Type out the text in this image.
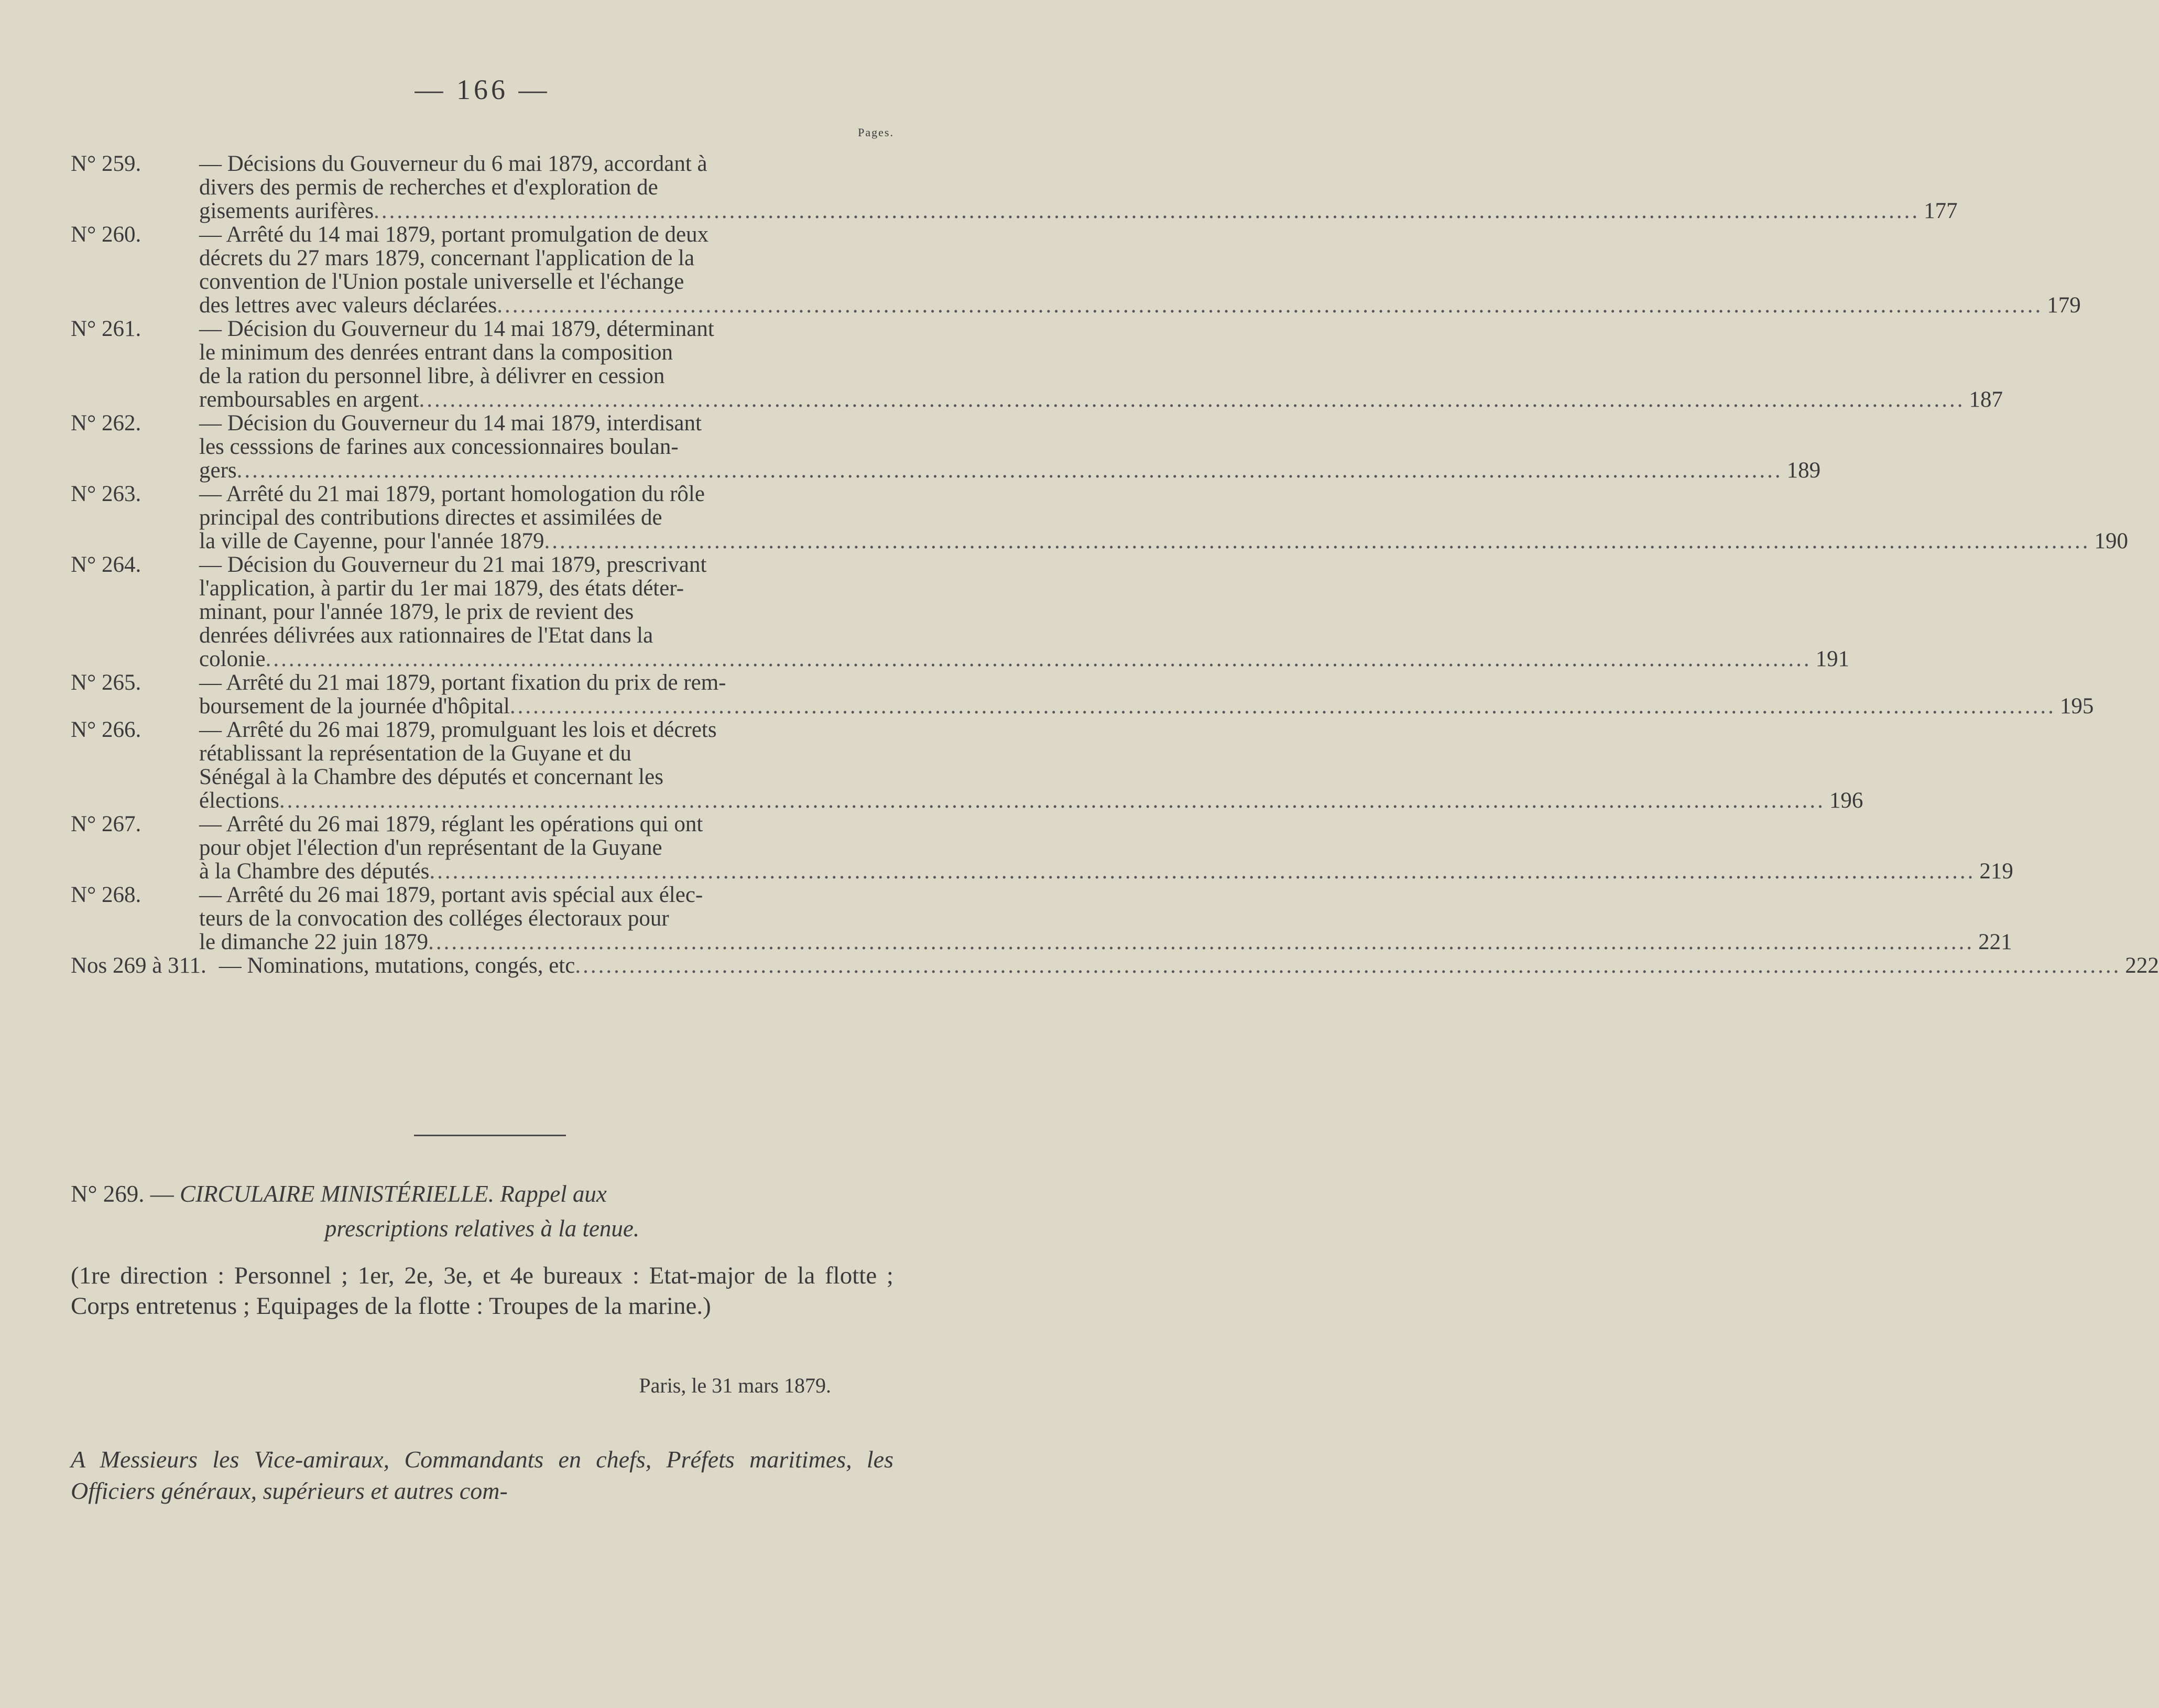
— 166 —
Pages.
N° 259.	— Décisions du Gouverneur du 6 mai 1879, accordant à
divers des permis de recherches et d'exploration de
gisements aurifères ........................................................................................................................................................................................................ 177
N° 260.	— Arrêté du 14 mai 1879, portant promulgation de deux
décrets du 27 mars 1879, concernant l'application de la
convention de l'Union postale universelle et l'échange
des lettres avec valeurs déclarées ........................................................................................................................................................................................................ 179
N° 261.	— Décision du Gouverneur du 14 mai 1879, déterminant
le minimum des denrées entrant dans la composition
de la ration du personnel libre, à délivrer en cession
remboursables en argent ........................................................................................................................................................................................................ 187
N° 262.	— Décision du Gouverneur du 14 mai 1879, interdisant
les cesssions de farines aux concessionnaires boulan-
gers ........................................................................................................................................................................................................ 189
N° 263.	— Arrêté du 21 mai 1879, portant homologation du rôle
principal des contributions directes et assimilées de
la ville de Cayenne, pour l'année 1879 ........................................................................................................................................................................................................ 190
N° 264.	— Décision du Gouverneur du 21 mai 1879, prescrivant
l'application, à partir du 1er mai 1879, des états déter-
minant, pour l'année 1879, le prix de revient des
denrées délivrées aux rationnaires de l'Etat dans la
colonie ........................................................................................................................................................................................................ 191
N° 265.	— Arrêté du 21 mai 1879, portant fixation du prix de rem-
boursement de la journée d'hôpital ........................................................................................................................................................................................................ 195
N° 266.	— Arrêté du 26 mai 1879, promulguant les lois et décrets
rétablissant la représentation de la Guyane et du
Sénégal à la Chambre des députés et concernant les
élections ........................................................................................................................................................................................................ 196
N° 267.	— Arrêté du 26 mai 1879, réglant les opérations qui ont
pour objet l'élection d'un représentant de la Guyane
à la Chambre des députés ........................................................................................................................................................................................................ 219
N° 268.	— Arrêté du 26 mai 1879, portant avis spécial aux élec-
teurs de la convocation des colléges électoraux pour
le dimanche 22 juin 1879 ........................................................................................................................................................................................................ 221
Nos 269 à 311. — Nominations, mutations, congés, etc ........................................................................................................................................................................................................ 222
N° 269. — CIRCULAIRE MINISTÉRIELLE. Rappel aux
prescriptions relatives à la tenue.
(1re direction : Personnel ; 1er, 2e, 3e, et 4e bureaux : Etat-major de la flotte ; Corps entretenus ; Equipages de la flotte : Troupes de la marine.)
Paris, le 31 mars 1879.
A Messieurs les Vice-amiraux, Commandants en chefs, Préfets maritimes, les Officiers généraux, supérieurs et autres com-
